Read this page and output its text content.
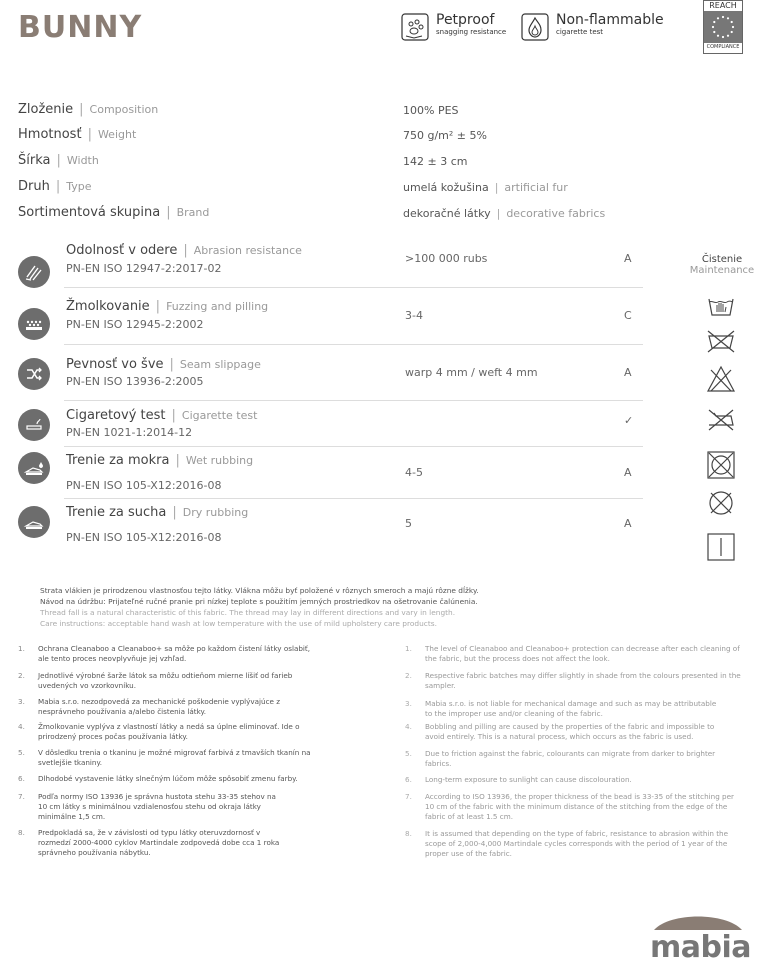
BUNNY	Petproof
snagging resistance
Non-flammable
cigarette test
REACH
COMPLIANCE
Zloženie | Composition	100% PES
Hmotnosť | Weight	750 g/m² ± 5%
Šírka | Width	142 ± 3 cm
Druh | Type	umelá kožušina | artificial fur
Sortimentová skupina | Brand	dekoračné látky | decorative fabrics
Odolnosť v odere | Abrasion resistance
PN-EN ISO 12947-2:2017-02
>100 000 rubs	A
Žmolkovanie | Fuzzing and pilling
PN-EN ISO 12945-2:2002
3-4	C
Pevnosť vo šve | Seam slippage
PN-EN ISO 13936-2:2005
warp 4 mm / weft 4 mm	A
Cigaretový test | Cigarette test
PN-EN 1021-1:2014-12
✓
Trenie za mokra | Wet rubbing
PN-EN ISO 105-X12:2016-08
4-5	A
Trenie za sucha | Dry rubbing
PN-EN ISO 105-X12:2016-08
5	A
Čistenie
Maintenance
Strata vlákien je prirodzenou vlastnosťou tejto látky. Vlákna môžu byť položené v rôznych smeroch a majú rôzne dĺžky.
Návod na údržbu: Prijateľné ručné pranie pri nízkej teplote s použitím jemných prostriedkov na ošetrovanie čalúnenia.
Thread fall is a natural characteristic of this fabric. The thread may lay in different directions and vary in length.
Care instructions: acceptable hand wash at low temperature with the use of mild upholstery care products.
1. Ochrana Cleanaboo a Cleanaboo+ sa môže po každom čistení látky oslabiť, ale tento proces neovplyvňuje jej vzhľad.
2. Jednotlivé výrobné šarže látok sa môžu odtieňom mierne líšiť od farieb uvedených vo vzorkovníku.
3. Mabia s.r.o. nezodpovedá za mechanické poškodenie vyplývajúce z nesprávneho používania a/alebo čistenia látky.
4. Žmolkovanie vyplýva z vlastností látky a nedá sa úplne eliminovať. Ide o prirodzený proces počas používania látky.
5. V dôsledku trenia o tkaninu je možné migrovať farbivá z tmavších tkanín na svetlejšie tkaniny.
6. Dlhodobé vystavenie látky slnečným lúčom môže spôsobiť zmenu farby.
7. Podľa normy ISO 13936 je správna hustota stehu 33-35 stehov na 10 cm látky s minimálnou vzdialenosťou stehu od okraja látky minimálne 1,5 cm.
8. Predpokladá sa, že v závislosti od typu látky oteruvzdornosť v rozmedzí 2000-4000 cyklov Martindale zodpovedá dobe cca 1 roka správneho používania nábytku.
1. The level of Cleanaboo and Cleanaboo+ protection can decrease after each cleaning of the fabric, but the process does not affect the look.
2. Respective fabric batches may differ slightly in shade from the colours presented in the sampler.
3. Mabia s.r.o. is not liable for mechanical damage and such as may be attributable to the improper use and/or cleaning of the fabric.
4. Bobbling and pilling are caused by the properties of the fabric and impossible to avoid entirely. This is a natural process, which occurs as the fabric is used.
5. Due to friction against the fabric, colourants can migrate from darker to brighter fabrics.
6. Long-term exposure to sunlight can cause discolouration.
7. According to ISO 13936, the proper thickness of the bead is 33-35 of the stitching per 10 cm of the fabric with the minimum distance of the stitching from the edge of the fabric of at least 1.5 cm.
8. It is assumed that depending on the type of fabric, resistance to abrasion within the scope of 2,000-4,000 Martindale cycles corresponds with the period of 1 year of the proper use of the fabric.
mabia
